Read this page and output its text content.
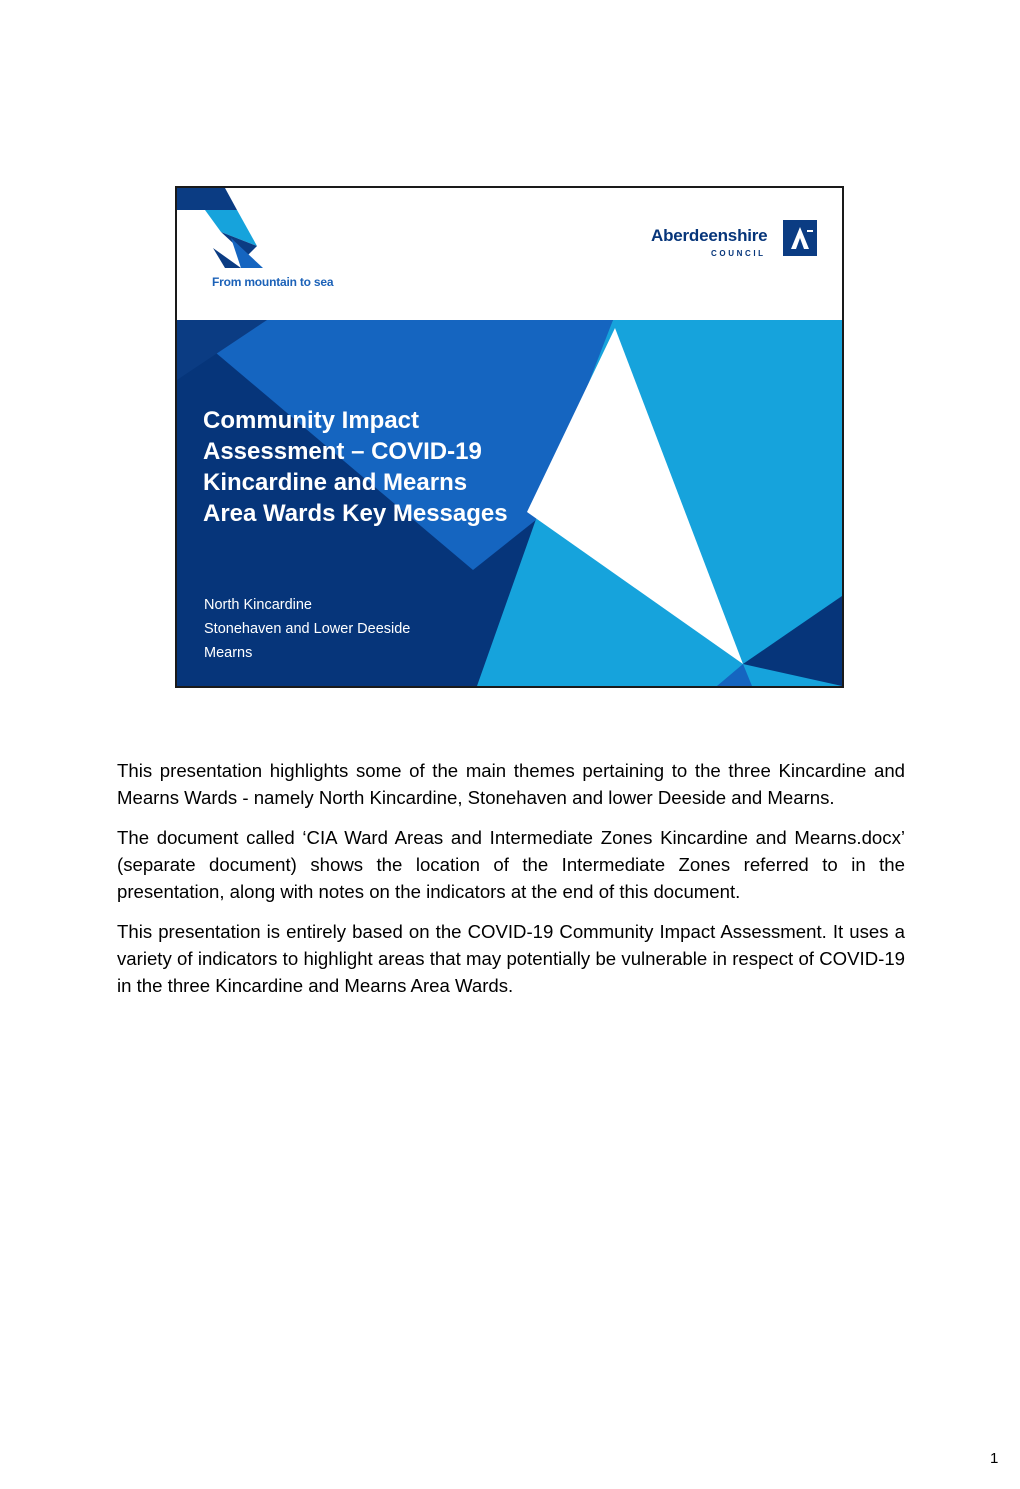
From mountain to sea
Aberdeenshire
COUNCIL
Community Impact
Assessment – COVID-19
Kincardine and Mearns
Area Wards Key Messages
North Kincardine
Stonehaven and Lower Deeside
Mearns

This presentation highlights some of the main themes pertaining to the three Kincardine and Mearns Wards - namely North Kincardine, Stonehaven and lower Deeside and Mearns.

The document called ‘CIA Ward Areas and Intermediate Zones Kincardine and Mearns.docx’ (separate document) shows the location of the Intermediate Zones referred to in the presentation, along with notes on the indicators at the end of this document.

This presentation is entirely based on the COVID-19 Community Impact Assessment. It uses a variety of indicators to highlight areas that may potentially be vulnerable in respect of COVID-19 in the three Kincardine and Mearns Area Wards.

1
